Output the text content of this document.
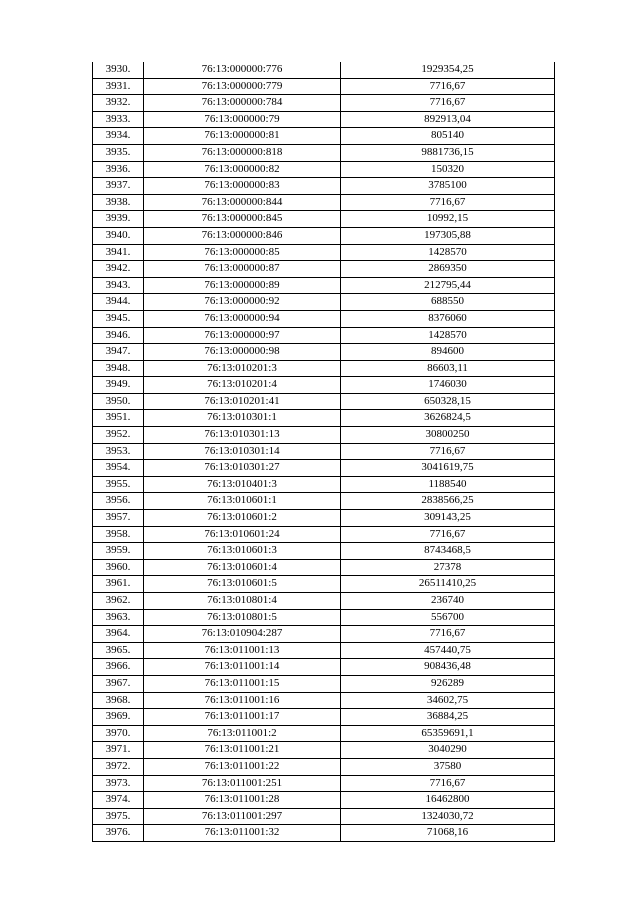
3930.	76:13:000000:776	1929354,25
3931.	76:13:000000:779	7716,67
3932.	76:13:000000:784	7716,67
3933.	76:13:000000:79	892913,04
3934.	76:13:000000:81	805140
3935.	76:13:000000:818	9881736,15
3936.	76:13:000000:82	150320
3937.	76:13:000000:83	3785100
3938.	76:13:000000:844	7716,67
3939.	76:13:000000:845	10992,15
3940.	76:13:000000:846	197305,88
3941.	76:13:000000:85	1428570
3942.	76:13:000000:87	2869350
3943.	76:13:000000:89	212795,44
3944.	76:13:000000:92	688550
3945.	76:13:000000:94	8376060
3946.	76:13:000000:97	1428570
3947.	76:13:000000:98	894600
3948.	76:13:010201:3	86603,11
3949.	76:13:010201:4	1746030
3950.	76:13:010201:41	650328,15
3951.	76:13:010301:1	3626824,5
3952.	76:13:010301:13	30800250
3953.	76:13:010301:14	7716,67
3954.	76:13:010301:27	3041619,75
3955.	76:13:010401:3	1188540
3956.	76:13:010601:1	2838566,25
3957.	76:13:010601:2	309143,25
3958.	76:13:010601:24	7716,67
3959.	76:13:010601:3	8743468,5
3960.	76:13:010601:4	27378
3961.	76:13:010601:5	26511410,25
3962.	76:13:010801:4	236740
3963.	76:13:010801:5	556700
3964.	76:13:010904:287	7716,67
3965.	76:13:011001:13	457440,75
3966.	76:13:011001:14	908436,48
3967.	76:13:011001:15	926289
3968.	76:13:011001:16	34602,75
3969.	76:13:011001:17	36884,25
3970.	76:13:011001:2	65359691,1
3971.	76:13:011001:21	3040290
3972.	76:13:011001:22	37580
3973.	76:13:011001:251	7716,67
3974.	76:13:011001:28	16462800
3975.	76:13:011001:297	1324030,72
3976.	76:13:011001:32	71068,16
